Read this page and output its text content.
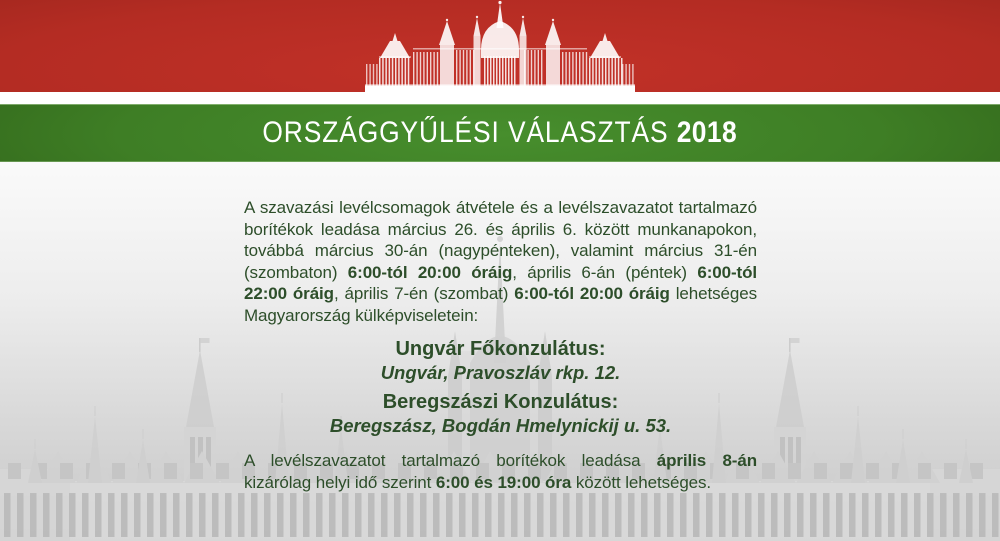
ORSZÁGGYŰLÉSI VÁLASZTÁS 2018

A szavazási levélcsomagok átvétele és a levélszavazatot tartalmazó borítékok leadása március 26. és április 6. között munkanapokon, továbbá március 30-án (nagypénteken), valamint március 31-én (szombaton) 6:00-tól 20:00 óráig, április 6-án (péntek) 6:00-tól 22:00 óráig, április 7-én (szombat) 6:00-tól 20:00 óráig lehetséges Magyarország külképviseletein:

Ungvár Főkonzulátus:
Ungvár, Pravoszláv rkp. 12.
Beregszászi Konzulátus:
Beregszász, Bogdán Hmelynickij u. 53.

A levélszavazatot tartalmazó borítékok leadása április 8-án kizárólag helyi idő szerint 6:00 és 19:00 óra között lehetséges.
